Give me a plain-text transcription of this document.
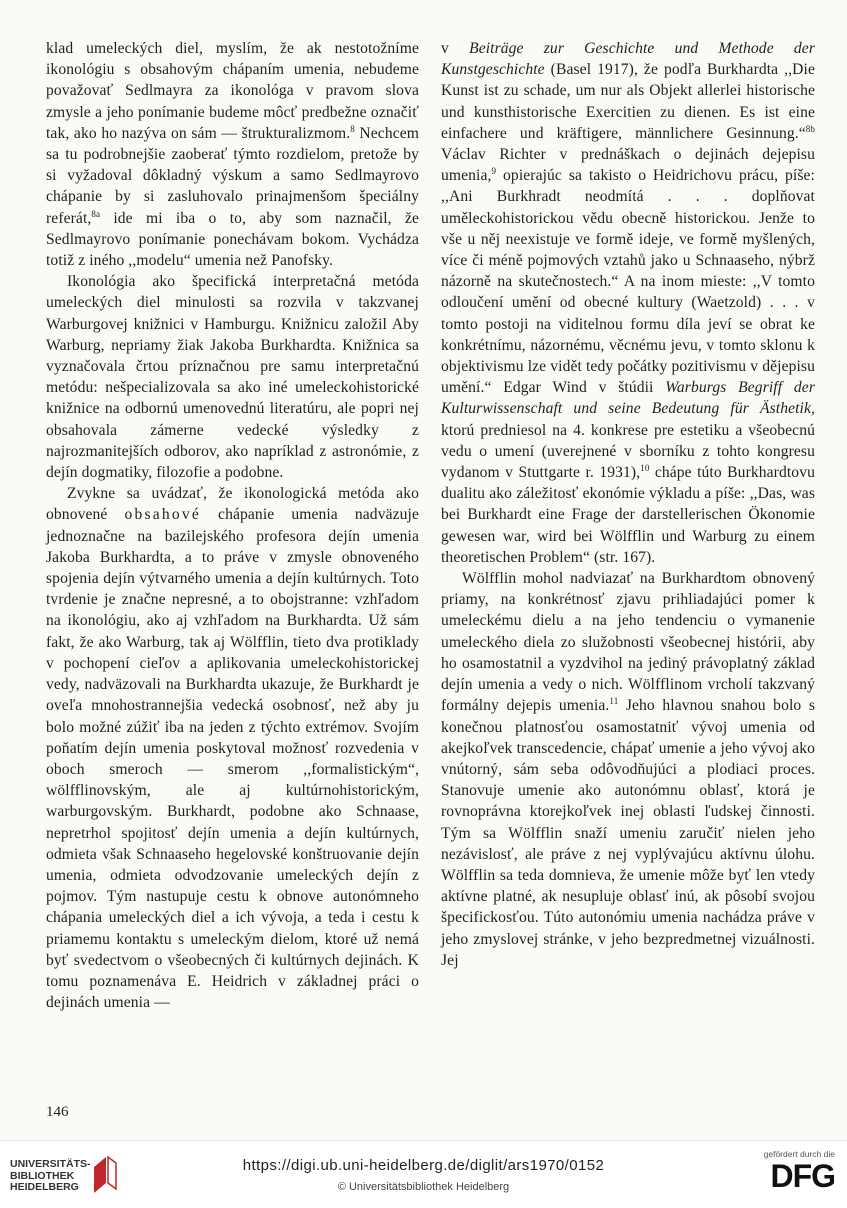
klad umeleckých diel, myslím, že ak nestotožníme ikonológiu s obsahovým chápaním umenia, nebudeme považovať Sedlmayra za ikonológa v pravom slova zmysle a jeho ponímanie budeme môcť predbežne označiť tak, ako ho nazýva on sám — štrukturalizmom.$^8$ Nechcem sa tu podrobnejšie zaoberať týmto rozdielom, pretože by si vyžadoval dôkladný výskum a samo Sedlmayrovo chápanie by si zasluhovalo prinajmenšom špeciálny referát,$^{8a}$ ide mi iba o to, aby som naznačil, že Sedlmayrovo ponímanie ponechávam bokom. Vychádza totiž z iného ,,modelu“ umenia než Panofsky.

Ikonológia ako špecifická interpretačná metóda umeleckých diel minulosti sa rozvila v takzvanej Warburgovej knižnici v Hamburgu. Knižnicu založil Aby Warburg, nepriamy žiak Jakoba Burkhardta. Knižnica sa vyznačovala črtou príznačnou pre samu interpretačnú metódu: nešpecializovala sa ako iné umeleckohistorické knižnice na odbornú umenovednú literatúru, ale popri nej obsahovala zámerne vedecké výsledky z najrozmanitejších odborov, ako napríklad z astronómie, z dejín dogmatiky, filozofie a podobne.

Zvykne sa uvádzať, že ikonologická metóda ako obnovené obsahové chápanie umenia nadväzuje jednoznačne na bazilejského profesora dejín umenia Jakoba Burkhardta, a to práve v zmysle obnoveného spojenia dejín výtvarného umenia a dejín kultúrnych. Toto tvrdenie je značne nepresné, a to obojstranne: vzhľadom na ikonológiu, ako aj vzhľadom na Burkhardta. Už sám fakt, že ako Warburg, tak aj Wölfflin, tieto dva protiklady v pochopení cieľov a aplikovania umeleckohistorickej vedy, nadväzovali na Burkhardta ukazuje, že Burkhardt je oveľa mnohostrannejšia vedecká osobnosť, než aby ju bolo možné zúžiť iba na jeden z týchto extrémov. Svojím poňatím dejín umenia poskytoval možnosť rozvedenia v oboch smeroch — smerom ,,formalistickým“, wölfflinovským, ale aj kultúrnohistorickým, warburgovským. Burkhardt, podobne ako Schnaase, nepretrhol spojitosť dejín umenia a dejín kultúrnych, odmieta však Schnaaseho hegelovské konštruovanie dejín umenia, odmieta odvodzovanie umeleckých dejín z pojmov. Tým nastupuje cestu k obnove autonómneho chápania umeleckých diel a ich vývoja, a teda i cestu k priamemu kontaktu s umeleckým dielom, ktoré už nemá byť svedectvom o všeobecných či kultúrnych dejinách. K tomu poznamenáva E. Heidrich v základnej práci o dejinách umenia —

v Beiträge zur Geschichte und Methode der Kunstgeschichte (Basel 1917), že podľa Burkhardta ,,Die Kunst ist zu schade, um nur als Objekt allerlei historische und kunsthistorische Exercitien zu dienen. Es ist eine einfachere und kräftigere, männlichere Gesinnung.“$^{8b}$ Václav Richter v prednáškach o dejinách dejepisu umenia,$^9$ opierajúc sa takisto o Heidrichovu prácu, píše: ,,Ani Burkhradt neodmítá . . . doplňovat uměleckohistorickou vědu obecně historickou. Jenže to vše u něj neexistuje ve formě ideje, ve formě myšlených, více či méně pojmových vztahů jako u Schnaaseho, nýbrž názorně na skutečnostech.“ A na inom mieste: ,,V tomto odloučení umění od obecné kultury (Waetzold) . . . v tomto postoji na viditelnou formu díla jeví se obrat ke konkrétnímu, názornému, věcnému jevu, v tomto sklonu k objektivismu lze vidět tedy počátky pozitivismu v dějepisu umění.“ Edgar Wind v štúdii Warburgs Begriff der Kulturwissenschaft und seine Bedeutung für Ästhetik, ktorú predniesol na 4. konkrese pre estetiku a všeobecnú vedu o umení (uverejnené v sborníku z tohto kongresu vydanom v Stuttgarte r. 1931),$^{10}$ chápe túto Burkhardtovu dualitu ako záležitosť ekonómie výkladu a píše: ,,Das, was bei Burkhardt eine Frage der darstellerischen Ökonomie gewesen war, wird bei Wölfflin und Warburg zu einem theoretischen Problem“ (str. 167).

Wölfflin mohol nadviazať na Burkhardtom obnovený priamy, na konkrétnosť zjavu prihliadajúci pomer k umeleckému dielu a na jeho tendenciu o vymanenie umeleckého diela zo služobnosti všeobecnej histórii, aby ho osamostatnil a vyzdvihol na jediný právoplatný základ dejín umenia a vedy o nich. Wölfflinom vrcholí takzvaný formálny dejepis umenia.$^{11}$ Jeho hlavnou snahou bolo s konečnou platnosťou osamostatniť vývoj umenia od akejkoľvek transcedencie, chápať umenie a jeho vývoj ako vnútorný, sám seba odôvodňujúci a plodiaci proces. Stanovuje umenie ako autonómnu oblasť, ktorá je rovnoprávna ktorejkoľvek inej oblasti ľudskej činnosti. Tým sa Wölfflin snaží umeniu zaručiť nielen jeho nezávislosť, ale práve z nej vyplývajúcu aktívnu úlohu. Wölfflin sa teda domnieva, že umenie môže byť len vtedy aktívne platné, ak nesupluje oblasť inú, ak pôsobí svojou špecifickosťou. Túto autonómiu umenia nachádza práve v jeho zmyslovej stránke, v jeho bezpredmetnej vizuálnosti. Jej

146
UNIVERSITÄTS-
BIBLIOTHEK
HEIDELBERG
https://digi.ub.uni-heidelberg.de/diglit/ars1970/0152
© Universitätsbibliothek Heidelberg
gefördert durch die
DFG
